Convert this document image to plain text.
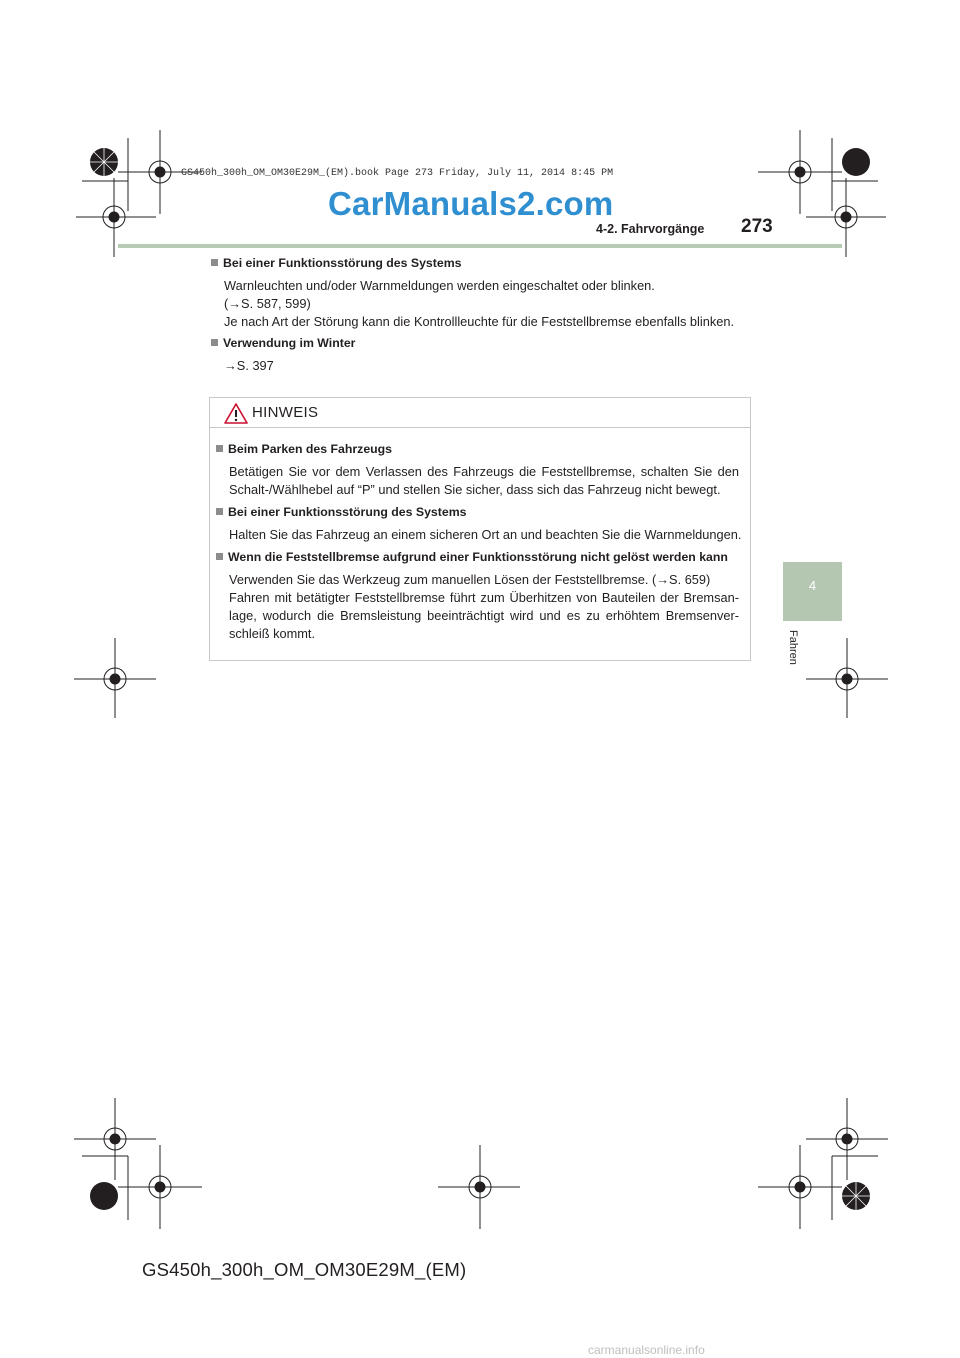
GS450h_300h_OM_OM30E29M_(EM).book Page 273 Friday, July 11, 2014 8:45 PM
CarManuals2.com
4-2. Fahrvorgänge 273
4
Fahren
Bei einer Funktionsstörung des Systems
Warnleuchten und/oder Warnmeldungen werden eingeschaltet oder blinken.
(→S. 587, 599)
Je nach Art der Störung kann die Kontrollleuchte für die Feststellbremse ebenfalls blinken.
Verwendung im Winter
→S. 397
HINWEIS
Beim Parken des Fahrzeugs
Betätigen Sie vor dem Verlassen des Fahrzeugs die Feststellbremse, schalten Sie den Schalt-/Wählhebel auf “P” und stellen Sie sicher, dass sich das Fahrzeug nicht bewegt.
Bei einer Funktionsstörung des Systems
Halten Sie das Fahrzeug an einem sicheren Ort an und beachten Sie die Warnmeldungen.
Wenn die Feststellbremse aufgrund einer Funktionsstörung nicht gelöst werden kann
Verwenden Sie das Werkzeug zum manuellen Lösen der Feststellbremse. (→S. 659)
Fahren mit betätigter Feststellbremse führt zum Überhitzen von Bauteilen der Bremsan-lage, wodurch die Bremsleistung beeinträchtigt wird und es zu erhöhtem Bremsenver-schleiß kommt.
GS450h_300h_OM_OM30E29M_(EM)
carmanualsonline.info
